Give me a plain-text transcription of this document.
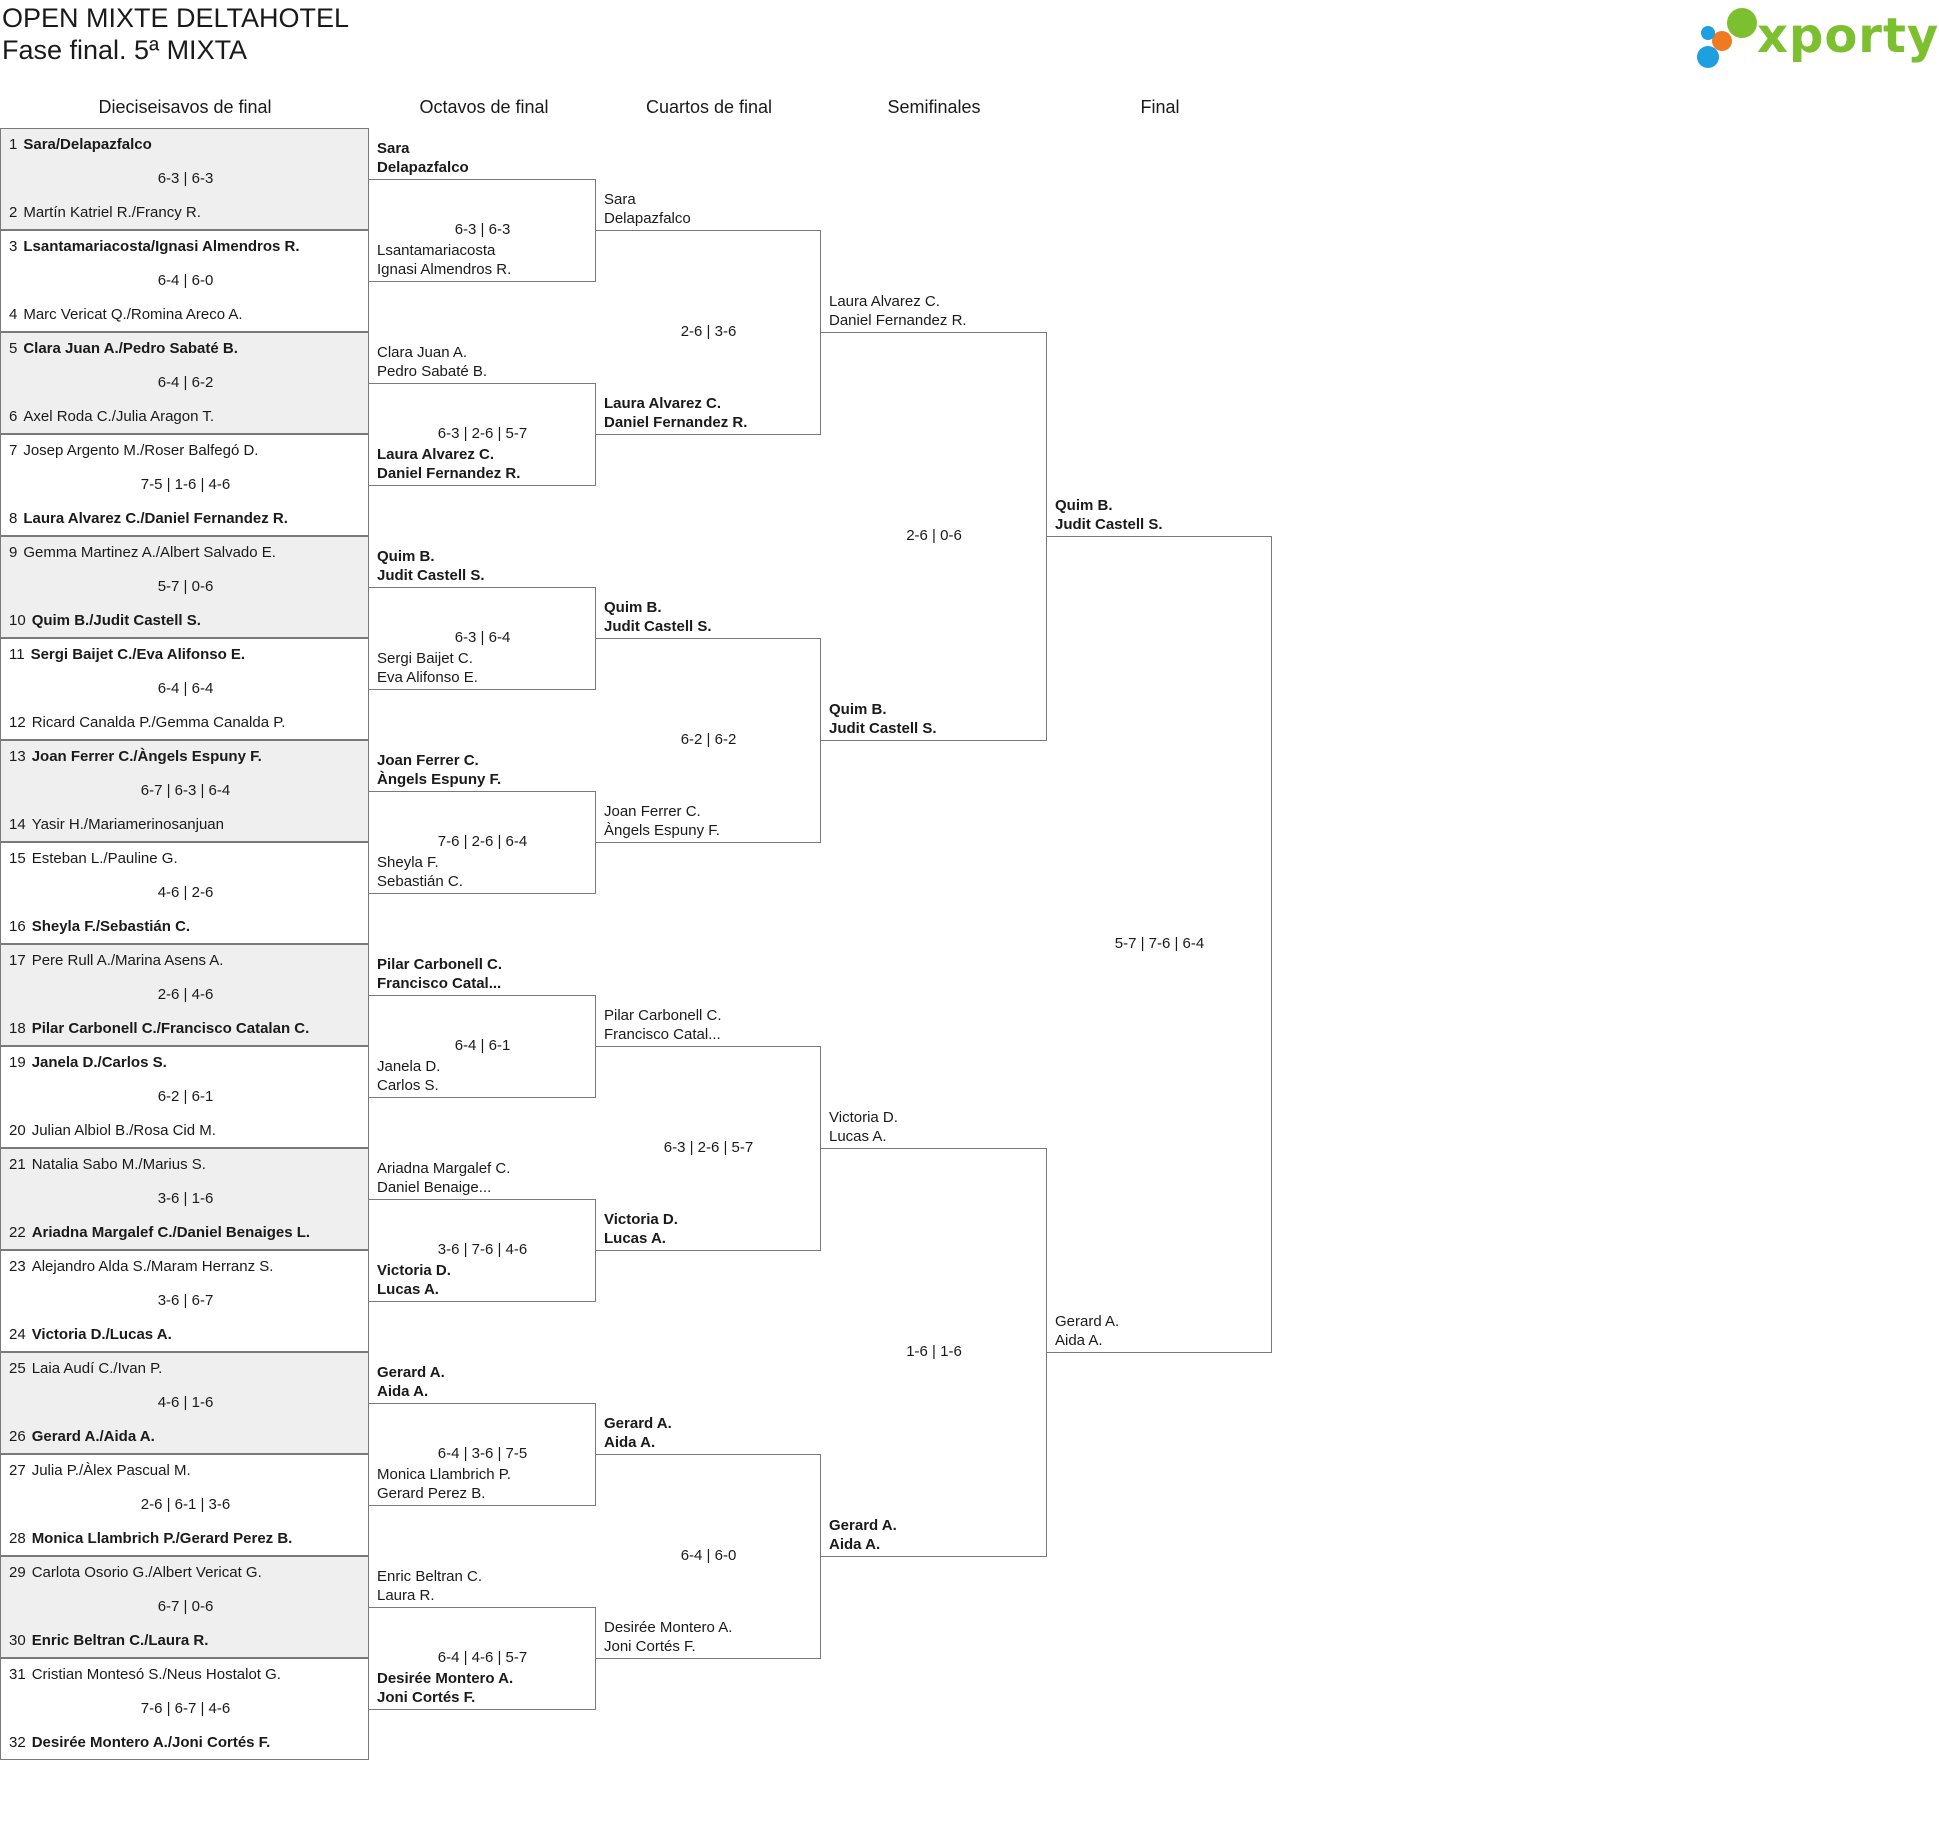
OPEN MIXTE DELTAHOTEL
Fase final. 5ª MIXTA	xporty
Dieciseisavos de final	Octavos de final	Cuartos de final	Semifinales	Final
1 Sara/Delapazfalco
6-3 | 6-3
2 Martín Katriel R./Francy R.
3 Lsantamariacosta/Ignasi Almendros R.
6-4 | 6-0
4 Marc Vericat Q./Romina Areco A.
5 Clara Juan A./Pedro Sabaté B.
6-4 | 6-2
6 Axel Roda C./Julia Aragon T.
7 Josep Argento M./Roser Balfegó D.
7-5 | 1-6 | 4-6
8 Laura Alvarez C./Daniel Fernandez R.
9 Gemma Martinez A./Albert Salvado E.
5-7 | 0-6
10 Quim B./Judit Castell S.
11 Sergi Baijet C./Eva Alifonso E.
6-4 | 6-4
12 Ricard Canalda P./Gemma Canalda P.
13 Joan Ferrer C./Àngels Espuny F.
6-7 | 6-3 | 6-4
14 Yasir H./Mariamerinosanjuan
15 Esteban L./Pauline G.
4-6 | 2-6
16 Sheyla F./Sebastián C.
17 Pere Rull A./Marina Asens A.
2-6 | 4-6
18 Pilar Carbonell C./Francisco Catalan C.
19 Janela D./Carlos S.
6-2 | 6-1
20 Julian Albiol B./Rosa Cid M.
21 Natalia Sabo M./Marius S.
3-6 | 1-6
22 Ariadna Margalef C./Daniel Benaiges L.
23 Alejandro Alda S./Maram Herranz S.
3-6 | 6-7
24 Victoria D./Lucas A.
25 Laia Audí C./Ivan P.
4-6 | 1-6
26 Gerard A./Aida A.
27 Julia P./Àlex Pascual M.
2-6 | 6-1 | 3-6
28 Monica Llambrich P./Gerard Perez B.
29 Carlota Osorio G./Albert Vericat G.
6-7 | 0-6
30 Enric Beltran C./Laura R.
31 Cristian Montesó S./Neus Hostalot G.
7-6 | 6-7 | 4-6
32 Desirée Montero A./Joni Cortés F.
Sara
Delapazfalco
Lsantamariacosta
Ignasi Almendros R.
6-3 | 6-3
Clara Juan A.
Pedro Sabaté B.
Laura Alvarez C.
Daniel Fernandez R.
6-3 | 2-6 | 5-7
Quim B.
Judit Castell S.
Sergi Baijet C.
Eva Alifonso E.
6-3 | 6-4
Joan Ferrer C.
Àngels Espuny F.
Sheyla F.
Sebastián C.
7-6 | 2-6 | 6-4
Pilar Carbonell C.
Francisco Catal...
Janela D.
Carlos S.
6-4 | 6-1
Ariadna Margalef C.
Daniel Benaige...
Victoria D.
Lucas A.
3-6 | 7-6 | 4-6
Gerard A.
Aida A.
Monica Llambrich P.
Gerard Perez B.
6-4 | 3-6 | 7-5
Enric Beltran C.
Laura R.
Desirée Montero A.
Joni Cortés F.
6-4 | 4-6 | 5-7
Sara
Delapazfalco
Laura Alvarez C.
Daniel Fernandez R.
2-6 | 3-6
Quim B.
Judit Castell S.
Joan Ferrer C.
Àngels Espuny F.
6-2 | 6-2
Pilar Carbonell C.
Francisco Catal...
Victoria D.
Lucas A.
6-3 | 2-6 | 5-7
Gerard A.
Aida A.
Desirée Montero A.
Joni Cortés F.
6-4 | 6-0
Laura Alvarez C.
Daniel Fernandez R.
Quim B.
Judit Castell S.
2-6 | 0-6
Victoria D.
Lucas A.
Gerard A.
Aida A.
1-6 | 1-6
Quim B.
Judit Castell S.
Gerard A.
Aida A.
5-7 | 7-6 | 6-4
